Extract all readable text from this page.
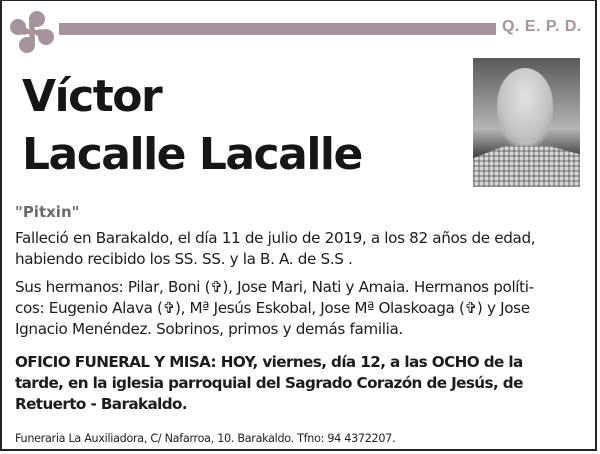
Q. E. P. D.
Víctor
Lacalle Lacalle
"Pitxin"

Falleció en Barakaldo, el día 11 de julio de 2019, a los 82 años de edad,
habiendo recibido los SS. SS. y la B. A. de S.S .

Sus hermanos: Pilar, Boni (✞), Jose Mari, Nati y Amaia. Hermanos políti-
cos: Eugenio Alava (✞), Mª Jesús Eskobal, Jose Mª Olaskoaga (✞) y Jose
Ignacio Menéndez. Sobrinos, primos y demás familia.

OFICIO FUNERAL Y MISA: HOY, viernes, día 12, a las OCHO de la
tarde, en la iglesia parroquial del Sagrado Corazón de Jesús, de
Retuerto - Barakaldo.

Funeraria La Auxiliadora, C/ Nafarroa, 10. Barakaldo. Tfno: 94 4372207.
